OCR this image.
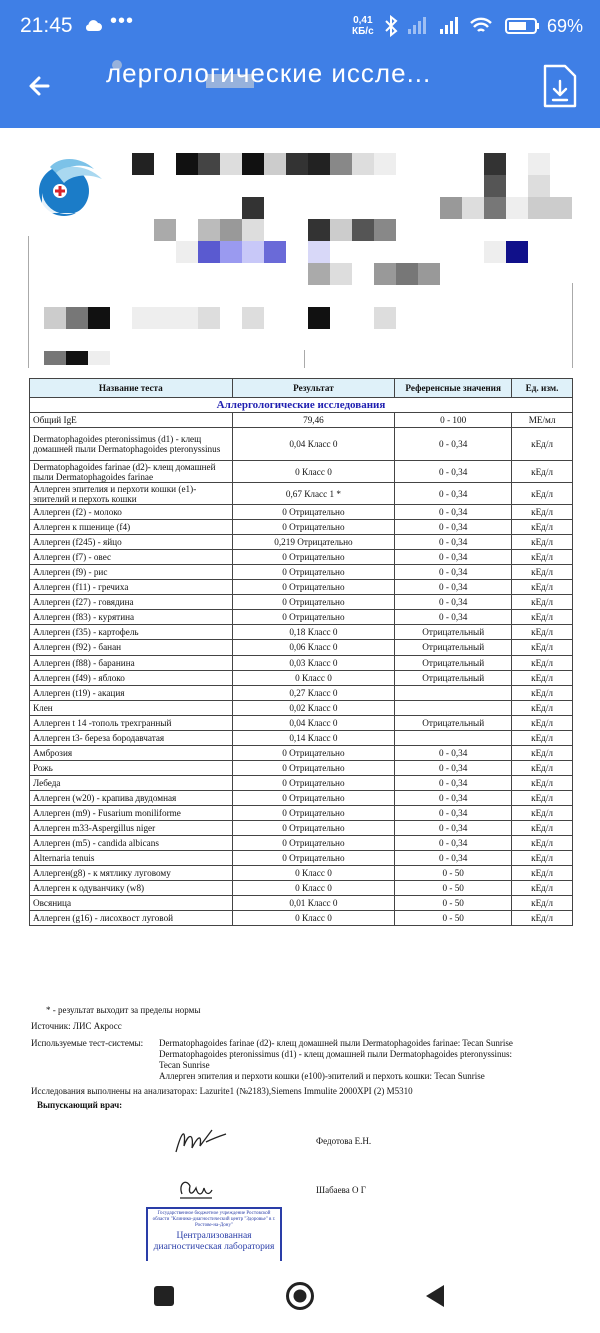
21:45 •••	0,41
КБ/с	69%
лергологические иссле...
Название теста	Результат	Референсные значения	Ед. изм.
Аллергологические исследования			
Общий IgE	79,46	0 - 100	МЕ/мл
Dermatophagoides pteronissimus (d1) - клещ домашней пыли Dermatophagoides pteronyssinus	0,04 Класс 0	0 - 0,34	кЕд/л
Dermatophagoides farinae (d2)- клещ домашней пыли Dermatophagoides farinae	0 Класс 0	0 - 0,34	кЕд/л
Аллерген эпителия и перхоти кошки (е1)-эпителий и перхоть кошки	0,67 Класс 1 *	0 - 0,34	кЕд/л
Аллерген (f2) - молоко	0 Отрицательно	0 - 0,34	кЕд/л
Аллерген к пшенице (f4)	0 Отрицательно	0 - 0,34	кЕд/л
Аллерген (f245) - яйцо	0,219 Отрицательно	0 - 0,34	кЕд/л
Аллерген (f7) - овес	0 Отрицательно	0 - 0,34	кЕд/л
Аллерген (f9) - рис	0 Отрицательно	0 - 0,34	кЕд/л
Аллерген (f11) - гречиха	0 Отрицательно	0 - 0,34	кЕд/л
Аллерген (f27) - говядина	0 Отрицательно	0 - 0,34	кЕд/л
Аллерген (f83) - курятина	0 Отрицательно	0 - 0,34	кЕд/л
Аллерген (f35) - картофель	0,18 Класс 0	Отрицательный	кЕд/л
Аллерген (f92) - банан	0,06 Класс 0	Отрицательный	кЕд/л
Аллерген (f88) - баранина	0,03 Класс 0	Отрицательный	кЕд/л
Аллерген (f49) - яблоко	0 Класс 0	Отрицательный	кЕд/л
Аллерген (t19) - акация	0,27 Класс 0		кЕд/л
Клен	0,02 Класс 0		кЕд/л
Аллерген t 14 -тополь трехгранный	0,04 Класс 0	Отрицательный	кЕд/л
Аллерген t3- береза бородавчатая	0,14 Класс 0		кЕд/л
Амброзия	0 Отрицательно	0 - 0,34	кЕд/л
Рожь	0 Отрицательно	0 - 0,34	кЕд/л
Лебеда	0 Отрицательно	0 - 0,34	кЕд/л
Аллерген (w20) - крапива двудомная	0 Отрицательно	0 - 0,34	кЕд/л
Аллерген (m9) - Fusarium moniliforme	0 Отрицательно	0 - 0,34	кЕд/л
Аллерген m33-Aspergillus niger	0 Отрицательно	0 - 0,34	кЕд/л
Аллерген (m5) - candida albicans	0 Отрицательно	0 - 0,34	кЕд/л
Alternaria tenuis	0 Отрицательно	0 - 0,34	кЕд/л
Аллерген(g8) - к мятлику луговому	0 Класс 0	0 - 50	кЕд/л
Аллерген к одуванчику (w8)	0 Класс 0	0 - 50	кЕд/л
Овсяница	0,01 Класс 0	0 - 50	кЕд/л
Аллерген (g16) - лисохвост луговой	0 Класс 0	0 - 50	кЕд/л
* - результат выходит за пределы нормы
Источник: ЛИС Акросс
Используемые тест-системы: Dermatophagoides farinae (d2)- клещ домашней пыли Dermatophagoides farinae: Tecan Sunrise
Dermatophagoides pteronissimus (d1) - клещ домашней пыли Dermatophagoides pteronyssinus:
Tecan Sunrise
Аллерген эпителия и перхоти кошки (e100)-эпителий и перхоть кошки: Tecan Sunrise
Исследования выполнены на анализаторах: Lazurite1 (№2183),Siemens Immulite 2000XPI (2) M5310
Выпускающий врач:
Федотова Е.Н.
Шабаева О Г
Государственное бюджетное учреждение Ростовской области "Клинико-диагностический центр "Здоровье" в г. Ростове-на-Дону"
Централизованная диагностическая лаборатория
